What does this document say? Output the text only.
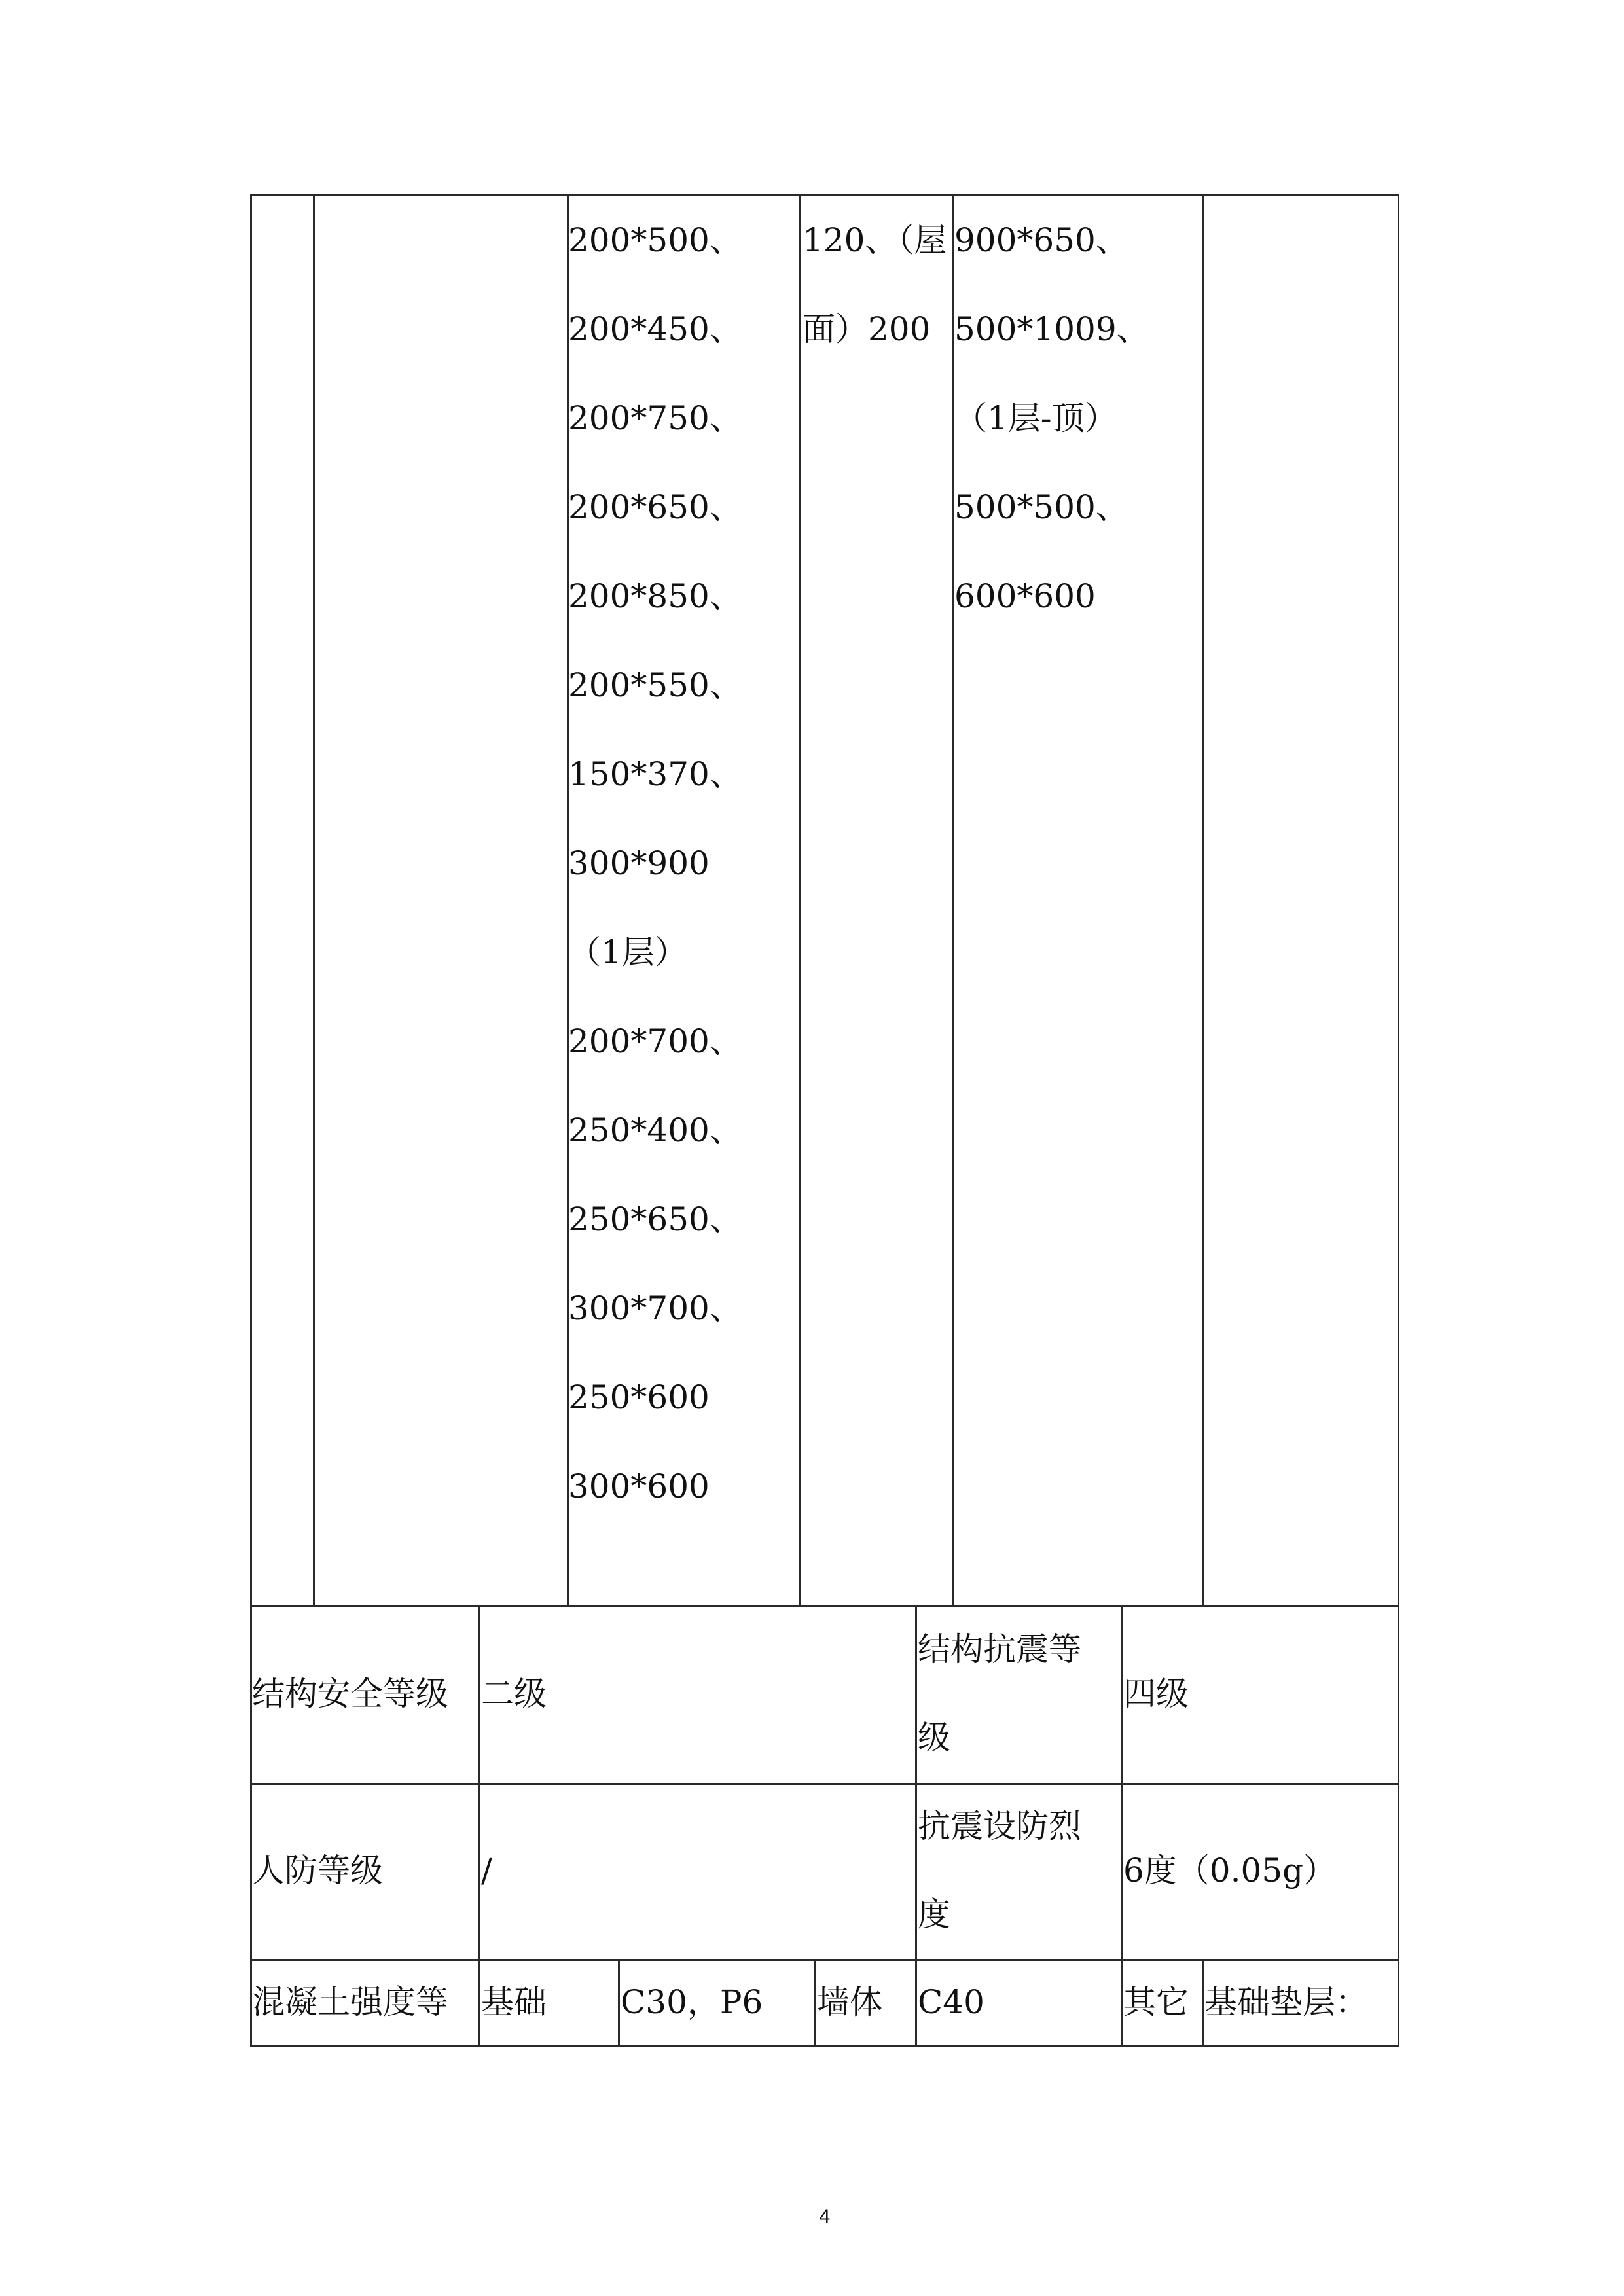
200*500、
200*450、
200*750、
200*650、
200*850、
200*550、
150*370、
300*900
（1层）
200*700、
250*400、
250*650、
300*700、
250*600
300*600
120、（屋
面）200
900*650、
500*1009、
（1层-顶）
500*500、
600*600
结构安全等级 二级
结构抗震等
级
四级
人防等级	/
抗震设防烈
度
6度（0.05g）
混凝土强度等 基础 C30，P6 墙体 C40	其它 基础垫层：
4
